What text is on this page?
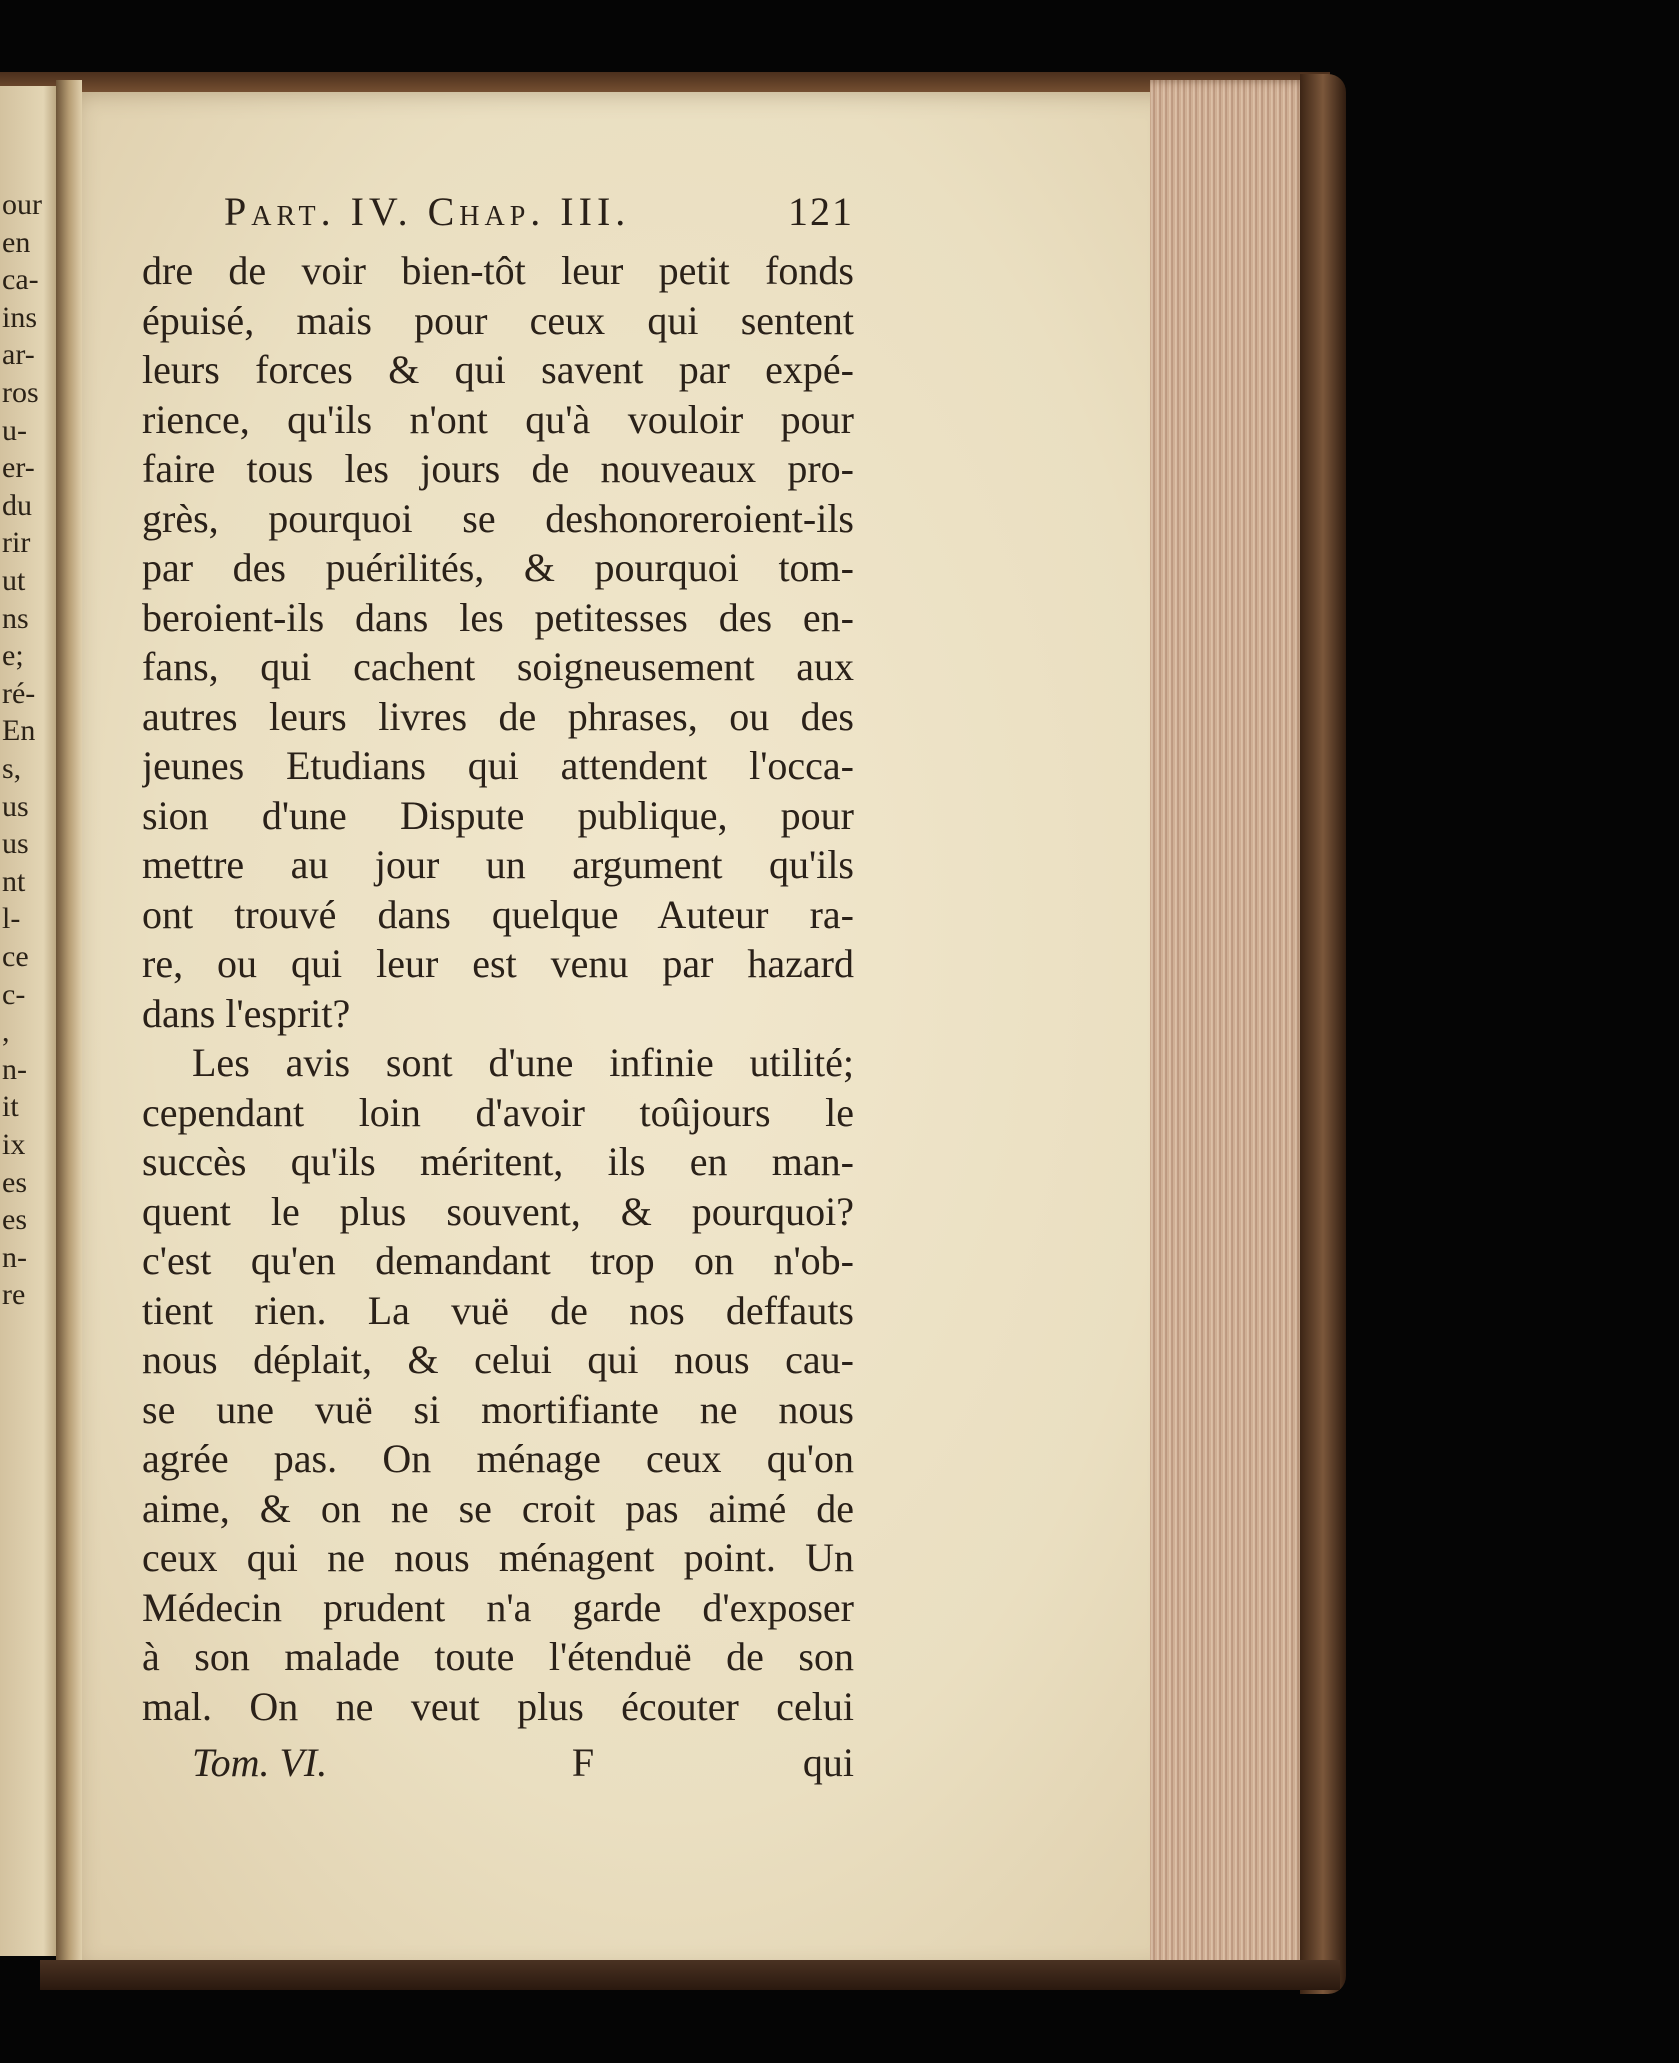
our
en
ca-
ins
ar-
ros
u-
er-
du
rir
ut
ns
e;
ré-
En
s,
us
us
nt
l-
ce
c-
,
n-
it
ix
es
es
n-
re
Part. IV. Chap. III.	121
dre de voir bien-tôt leur petit fonds
épuisé, mais pour ceux qui sentent
leurs forces & qui savent par expé-
rience, qu'ils n'ont qu'à vouloir pour
faire tous les jours de nouveaux pro-
grès, pourquoi se deshonoreroient-ils
par des puérilités, & pourquoi tom-
beroient-ils dans les petitesses des en-
fans, qui cachent soigneusement aux
autres leurs livres de phrases, ou des
jeunes Etudians qui attendent l'occa-
sion d'une Dispute publique, pour
mettre au jour un argument qu'ils
ont trouvé dans quelque Auteur ra-
re, ou qui leur est venu par hazard
dans l'esprit?
Les avis sont d'une infinie utilité;
cependant loin d'avoir toûjours le
succès qu'ils méritent, ils en man-
quent le plus souvent, & pourquoi?
c'est qu'en demandant trop on n'ob-
tient rien. La vuë de nos deffauts
nous déplait, & celui qui nous cau-
se une vuë si mortifiante ne nous
agrée pas. On ménage ceux qu'on
aime, & on ne se croit pas aimé de
ceux qui ne nous ménagent point. Un
Médecin prudent n'a garde d'exposer
à son malade toute l'étenduë de son
mal. On ne veut plus écouter celui
Tom. VI.	F	qui
